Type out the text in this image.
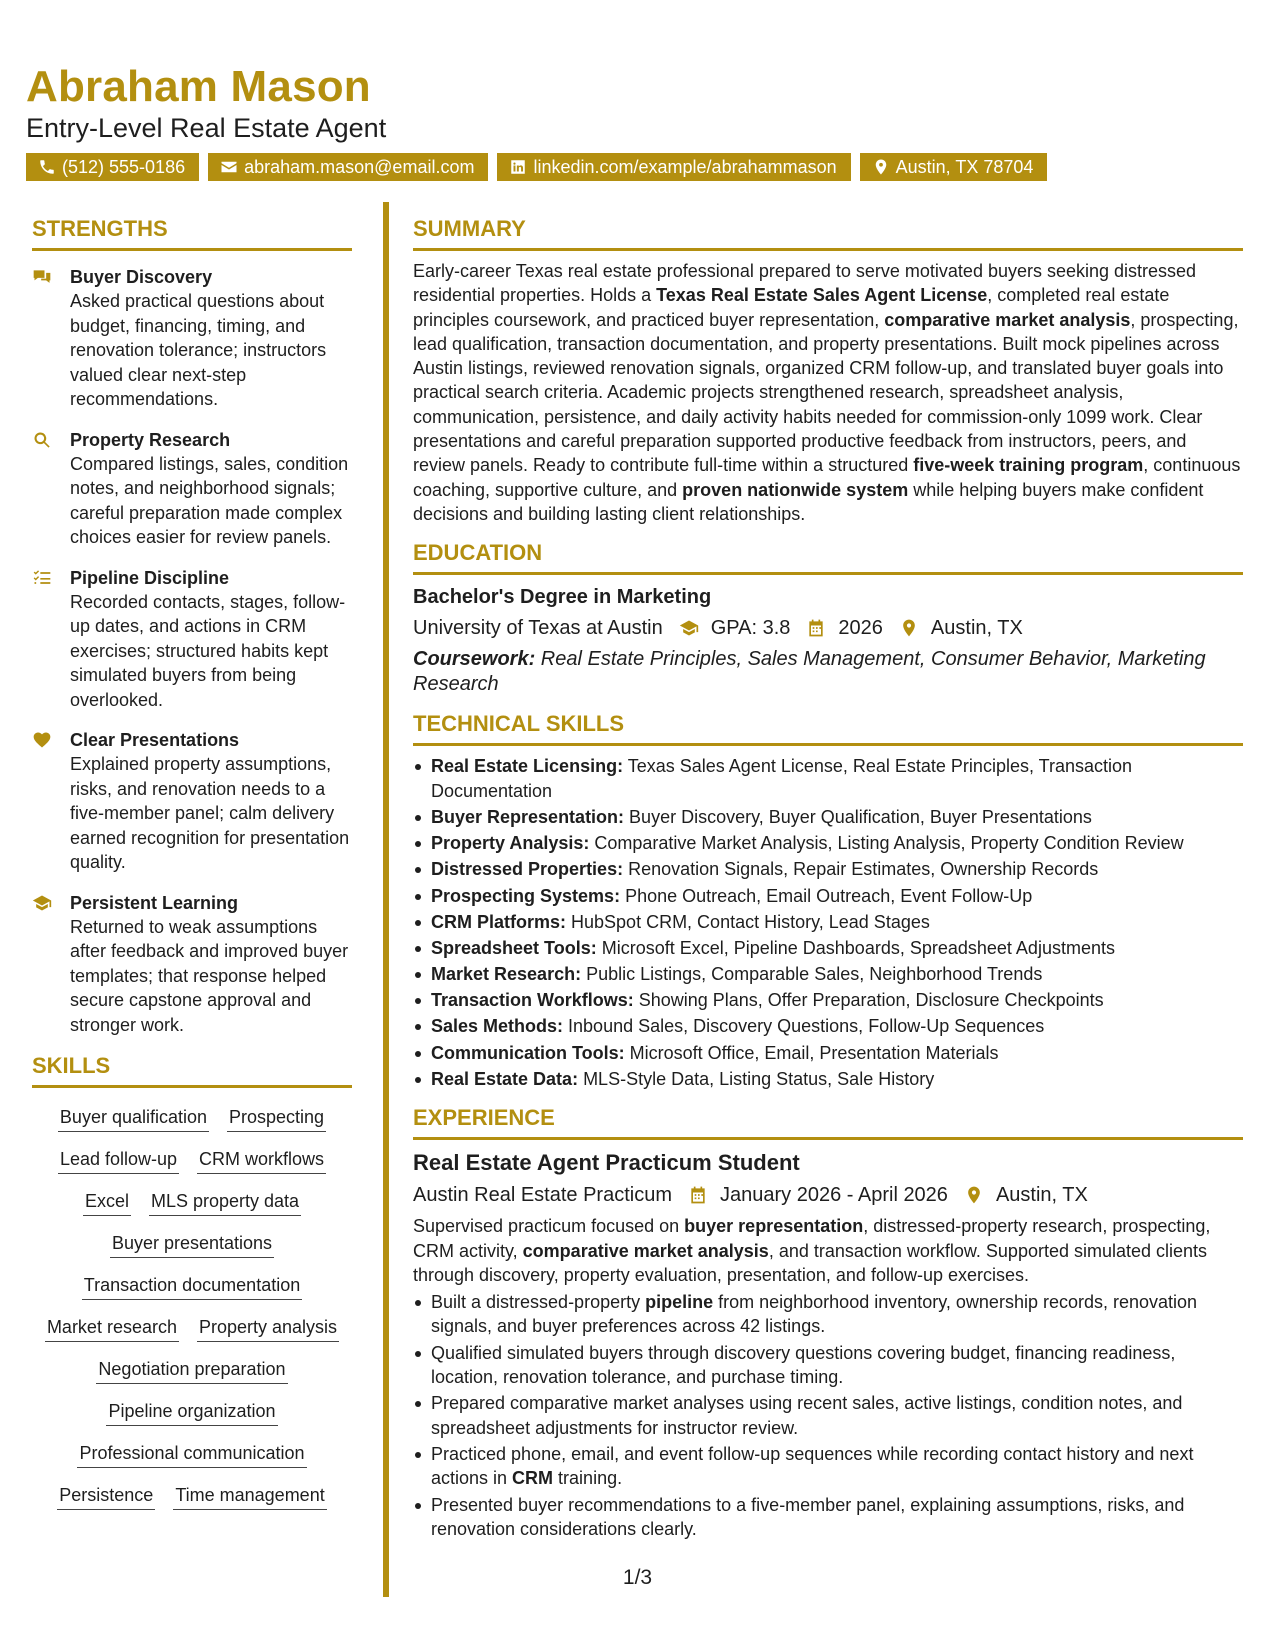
Abraham Mason
Entry-Level Real Estate Agent
(512) 555-0186	abraham.mason@email.com	linkedin.com/example/abrahammason	Austin, TX 78704
STRENGTHS
Buyer Discovery
Asked practical questions about budget, financing, timing, and renovation tolerance; instructors valued clear next-step recommendations.
Property Research
Compared listings, sales, condition notes, and neighborhood signals; careful preparation made complex choices easier for review panels.
Pipeline Discipline
Recorded contacts, stages, follow-up dates, and actions in CRM exercises; structured habits kept simulated buyers from being overlooked.
Clear Presentations
Explained property assumptions, risks, and renovation needs to a five-member panel; calm delivery earned recognition for presentation quality.
Persistent Learning
Returned to weak assumptions after feedback and improved buyer templates; that response helped secure capstone approval and stronger work.
SKILLS
Buyer qualification Prospecting
Lead follow-up CRM workflows
Excel MLS property data
Buyer presentations
Transaction documentation
Market research Property analysis
Negotiation preparation
Pipeline organization
Professional communication
Persistence Time management
SUMMARY
Early-career Texas real estate professional prepared to serve motivated buyers seeking distressed residential properties. Holds a Texas Real Estate Sales Agent License, completed real estate principles coursework, and practiced buyer representation, comparative market analysis, prospecting, lead qualification, transaction documentation, and property presentations. Built mock pipelines across Austin listings, reviewed renovation signals, organized CRM follow-up, and translated buyer goals into practical search criteria. Academic projects strengthened research, spreadsheet analysis, communication, persistence, and daily activity habits needed for commission-only 1099 work. Clear presentations and careful preparation supported productive feedback from instructors, peers, and review panels. Ready to contribute full-time within a structured five-week training program, continuous coaching, supportive culture, and proven nationwide system while helping buyers make confident decisions and building lasting client relationships.
EDUCATION
Bachelor's Degree in Marketing
University of Texas at Austin GPA: 3.8 2026 Austin, TX
Coursework: Real Estate Principles, Sales Management, Consumer Behavior, Marketing Research
TECHNICAL SKILLS
Real Estate Licensing: Texas Sales Agent License, Real Estate Principles, Transaction Documentation
Buyer Representation: Buyer Discovery, Buyer Qualification, Buyer Presentations
Property Analysis: Comparative Market Analysis, Listing Analysis, Property Condition Review
Distressed Properties: Renovation Signals, Repair Estimates, Ownership Records
Prospecting Systems: Phone Outreach, Email Outreach, Event Follow-Up
CRM Platforms: HubSpot CRM, Contact History, Lead Stages
Spreadsheet Tools: Microsoft Excel, Pipeline Dashboards, Spreadsheet Adjustments
Market Research: Public Listings, Comparable Sales, Neighborhood Trends
Transaction Workflows: Showing Plans, Offer Preparation, Disclosure Checkpoints
Sales Methods: Inbound Sales, Discovery Questions, Follow-Up Sequences
Communication Tools: Microsoft Office, Email, Presentation Materials
Real Estate Data: MLS-Style Data, Listing Status, Sale History
EXPERIENCE
Real Estate Agent Practicum Student
Austin Real Estate Practicum January 2026 - April 2026 Austin, TX
Supervised practicum focused on buyer representation, distressed-property research, prospecting, CRM activity, comparative market analysis, and transaction workflow. Supported simulated clients through discovery, property evaluation, presentation, and follow-up exercises.
Built a distressed-property pipeline from neighborhood inventory, ownership records, renovation signals, and buyer preferences across 42 listings.
Qualified simulated buyers through discovery questions covering budget, financing readiness, location, renovation tolerance, and purchase timing.
Prepared comparative market analyses using recent sales, active listings, condition notes, and spreadsheet adjustments for instructor review.
Practiced phone, email, and event follow-up sequences while recording contact history and next actions in CRM training.
Presented buyer recommendations to a five-member panel, explaining assumptions, risks, and renovation considerations clearly.
1/3
